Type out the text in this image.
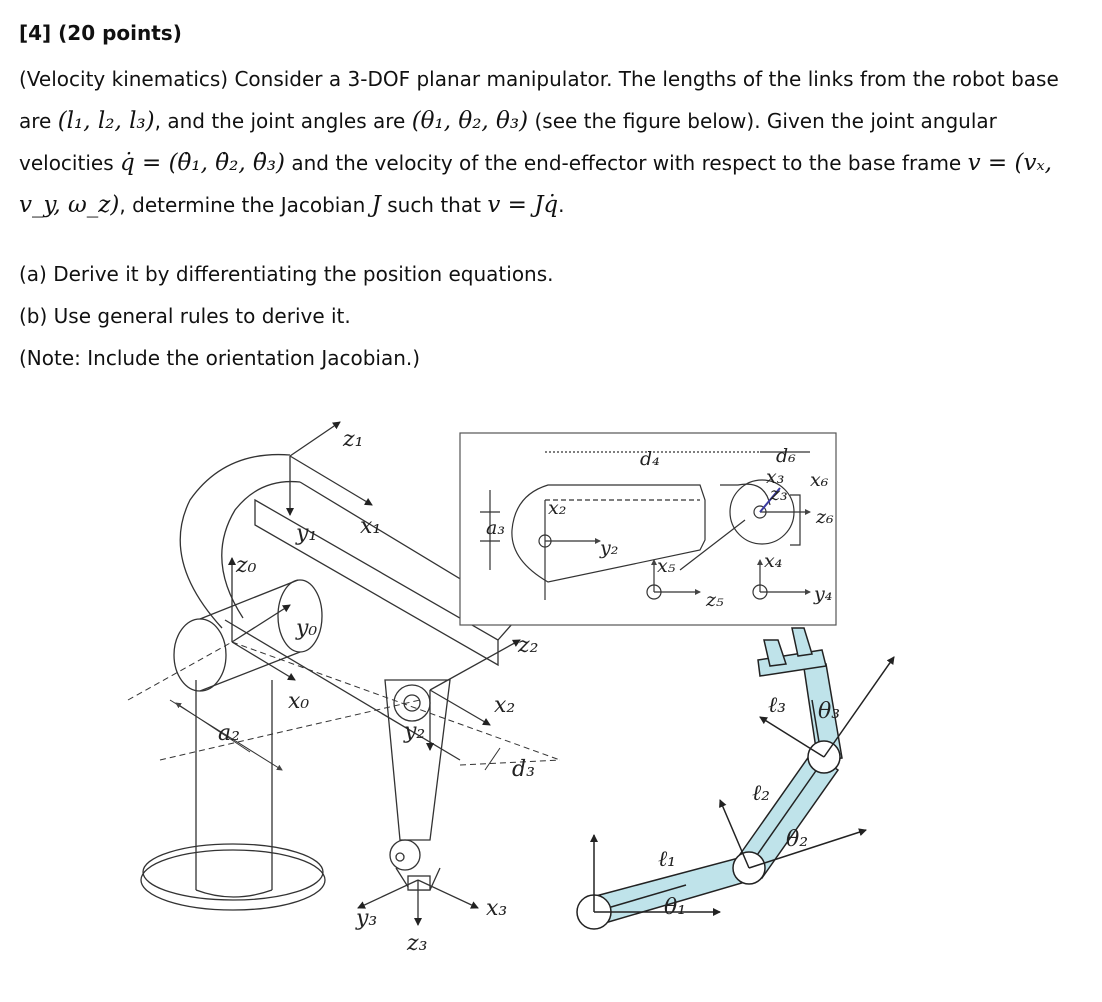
[4] (20 points)
(Velocity kinematics) Consider a 3-DOF planar manipulator. The lengths of the links from the robot base are (l₁, l₂, l₃), and the joint angles are (θ₁, θ₂, θ₃) (see the figure below). Given the joint angular velocities q̇ = (θ̇₁, θ̇₂, θ̇₃) and the velocity of the end-effector with respect to the base frame v = (vₓ, v_y, ω_z), determine the Jacobian J such that v = Jq̇.
(a) Derive it by differentiating the position equations.
(b) Use general rules to derive it.
(Note: Include the orientation Jacobian.)
z₁
x₁
y₁
z₀
y₀
x₀
a₂
z₂
x₂
y₂
d₃
y₃	x₃
z₃
d₄	d₆
x₂
a₃
y₂
x₃
z₃
x₆
z₆
x₅
z₅
x₄
y₄
ℓ₁
ℓ₂
ℓ₃
θ₁
θ₂
θ₃
